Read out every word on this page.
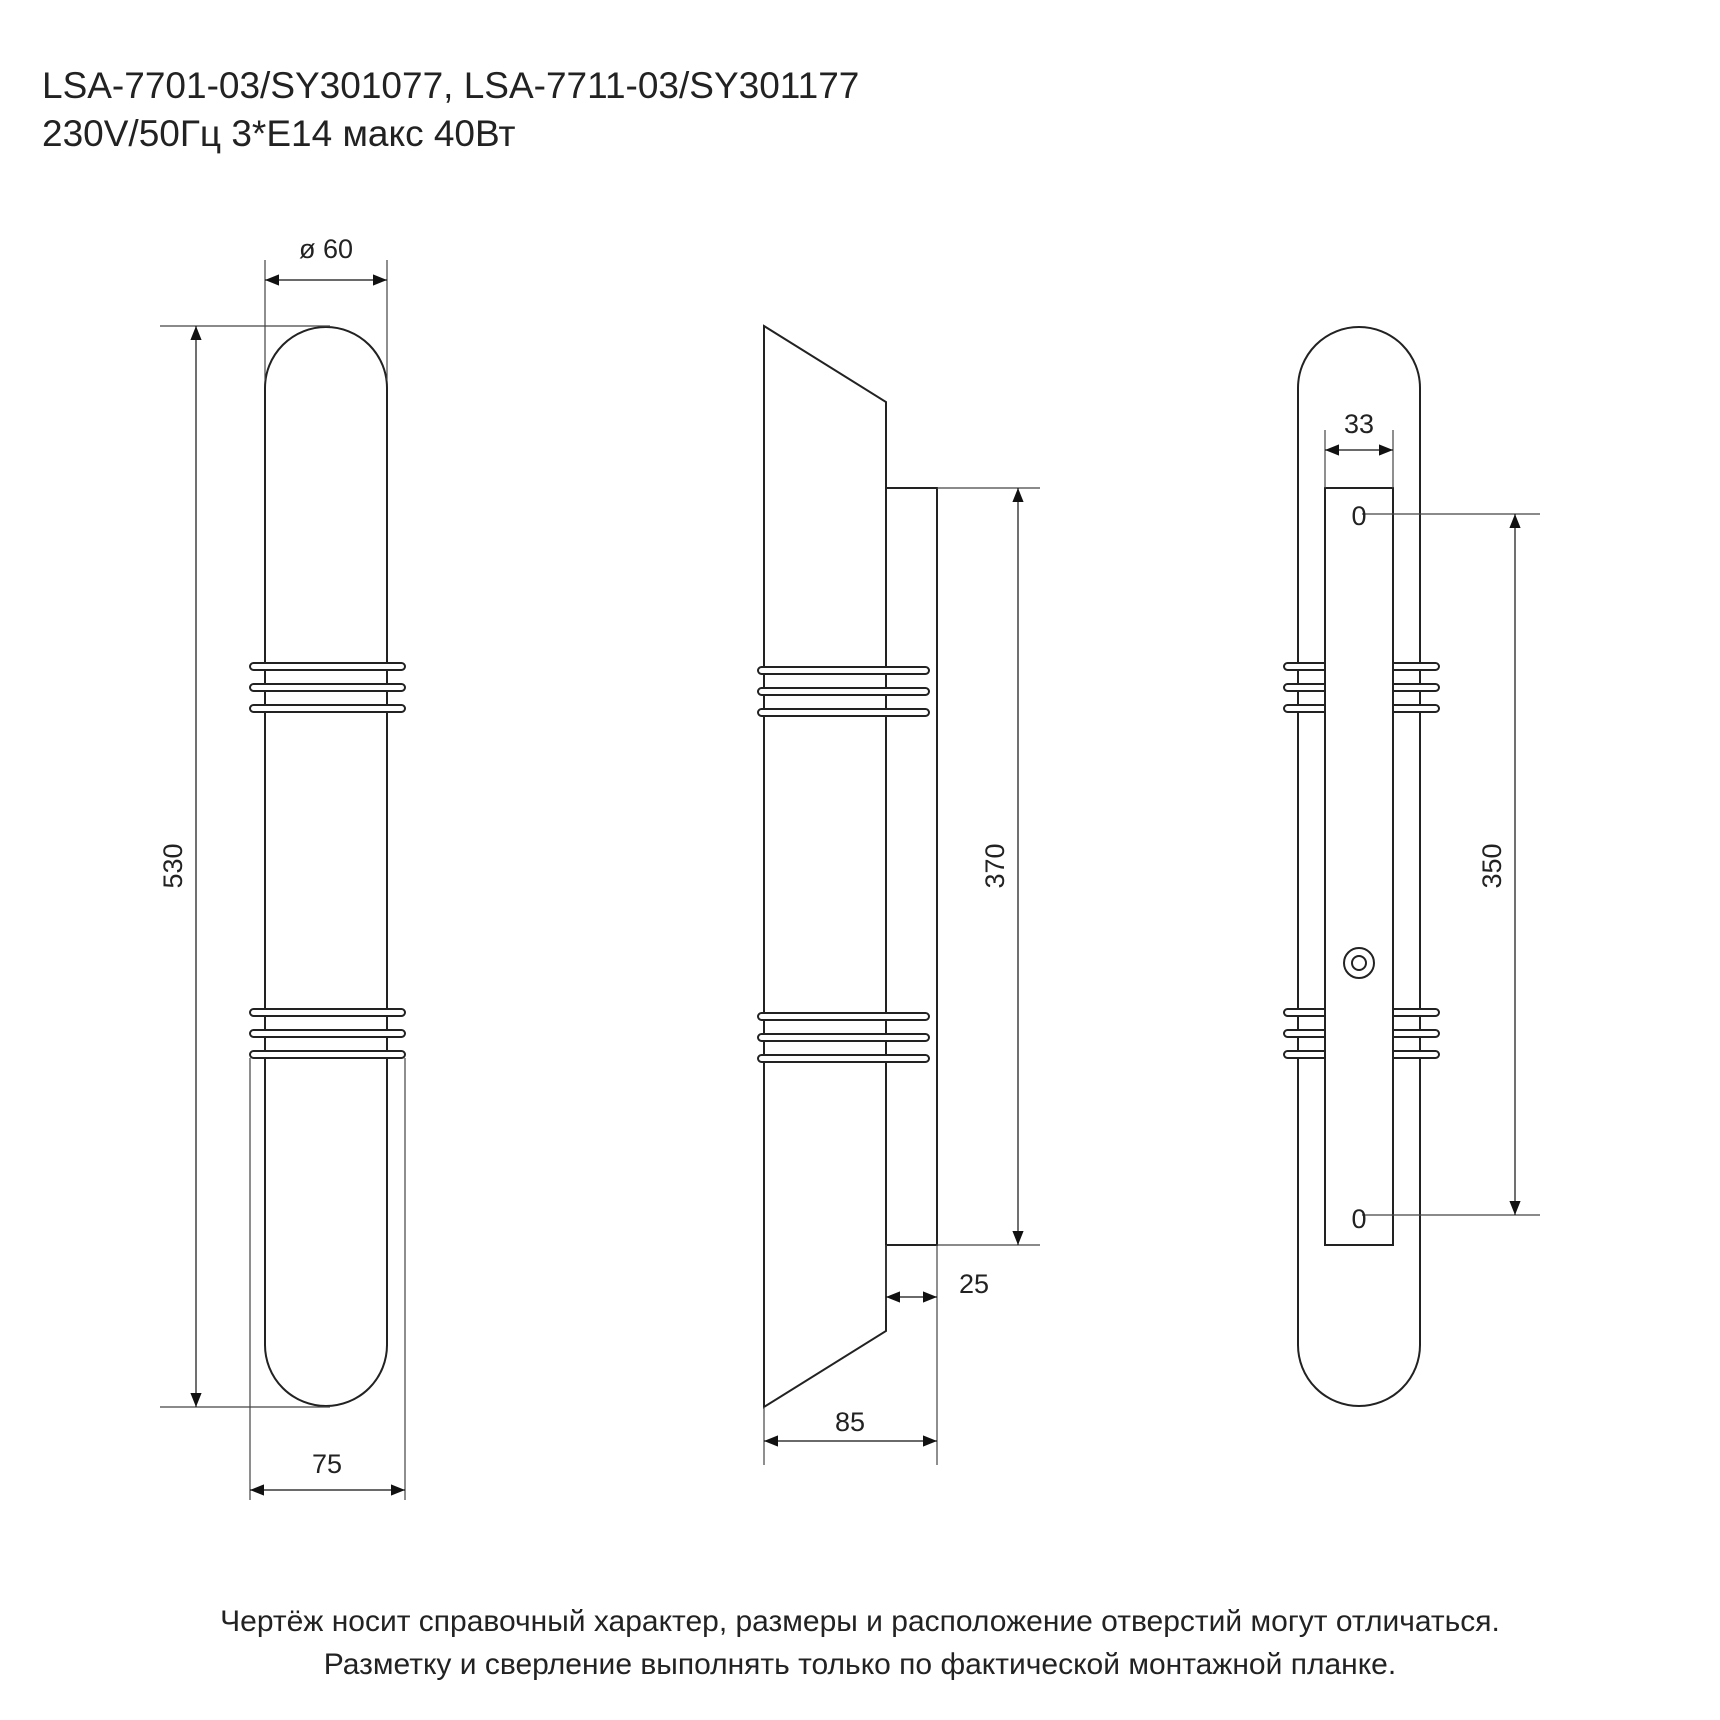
LSA-7701-03/SY301077, LSA-7711-03/SY301177
230V/50Гц 3*E14 макс 40Вт
ø 60
530
75
370
25
85
33
350
0
0
Чертёж носит справочный характер, размеры и расположение отверстий могут отличаться.
Разметку и сверление выполнять только по фактической монтажной планке.
